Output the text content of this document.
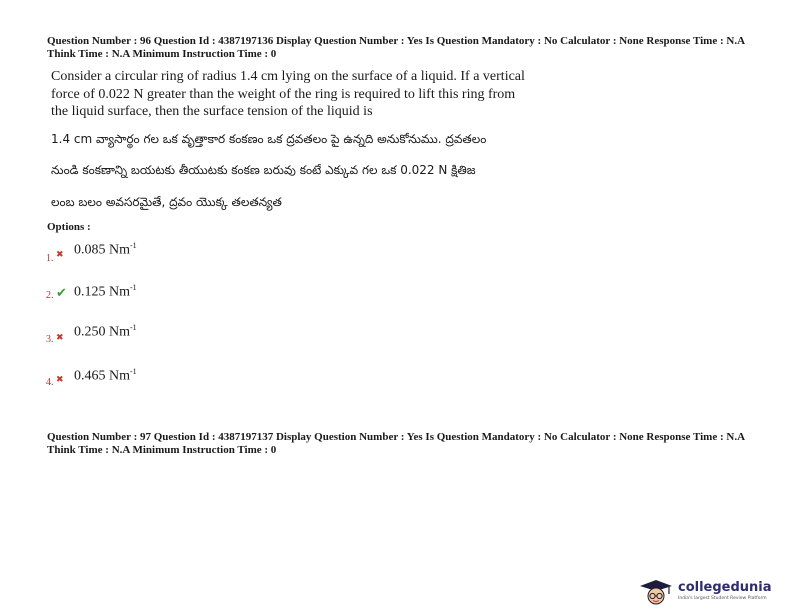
Question Number : 96 Question Id : 4387197136 Display Question Number : Yes Is Question Mandatory : No Calculator : None Response Time : N.A Think Time : N.A Minimum Instruction Time : 0
Consider a circular ring of radius 1.4 cm lying on the surface of a liquid. If a vertical
force of 0.022 N greater than the weight of the ring is required to lift this ring from
the liquid surface, then the surface tension of the liquid is
1.4 cm వ్యాసార్థం గల ఒక వృత్తాకార కంకణం ఒక ద్రవతలం పై ఉన్నది అనుకోనుము. ద్రవతలం
నుండి కంకణాన్ని బయటకు తీయుటకు కంకణ బరువు కంటే ఎక్కువ గల ఒక 0.022 N క్షితిజ
లంబ బలం అవసరమైతే, ద్రవం యొక్క తలతన్యత
Options :
1. ✖ 0.085 $Nm^{-1}$
2. ✔ 0.125 $Nm^{-1}$
3. ✖ 0.250 $Nm^{-1}$
4. ✖ 0.465 $Nm^{-1}$
Question Number : 97 Question Id : 4387197137 Display Question Number : Yes Is Question Mandatory : No Calculator : None Response Time : N.A Think Time : N.A Minimum Instruction Time : 0
collegedunia
India's largest Student Review Platform
